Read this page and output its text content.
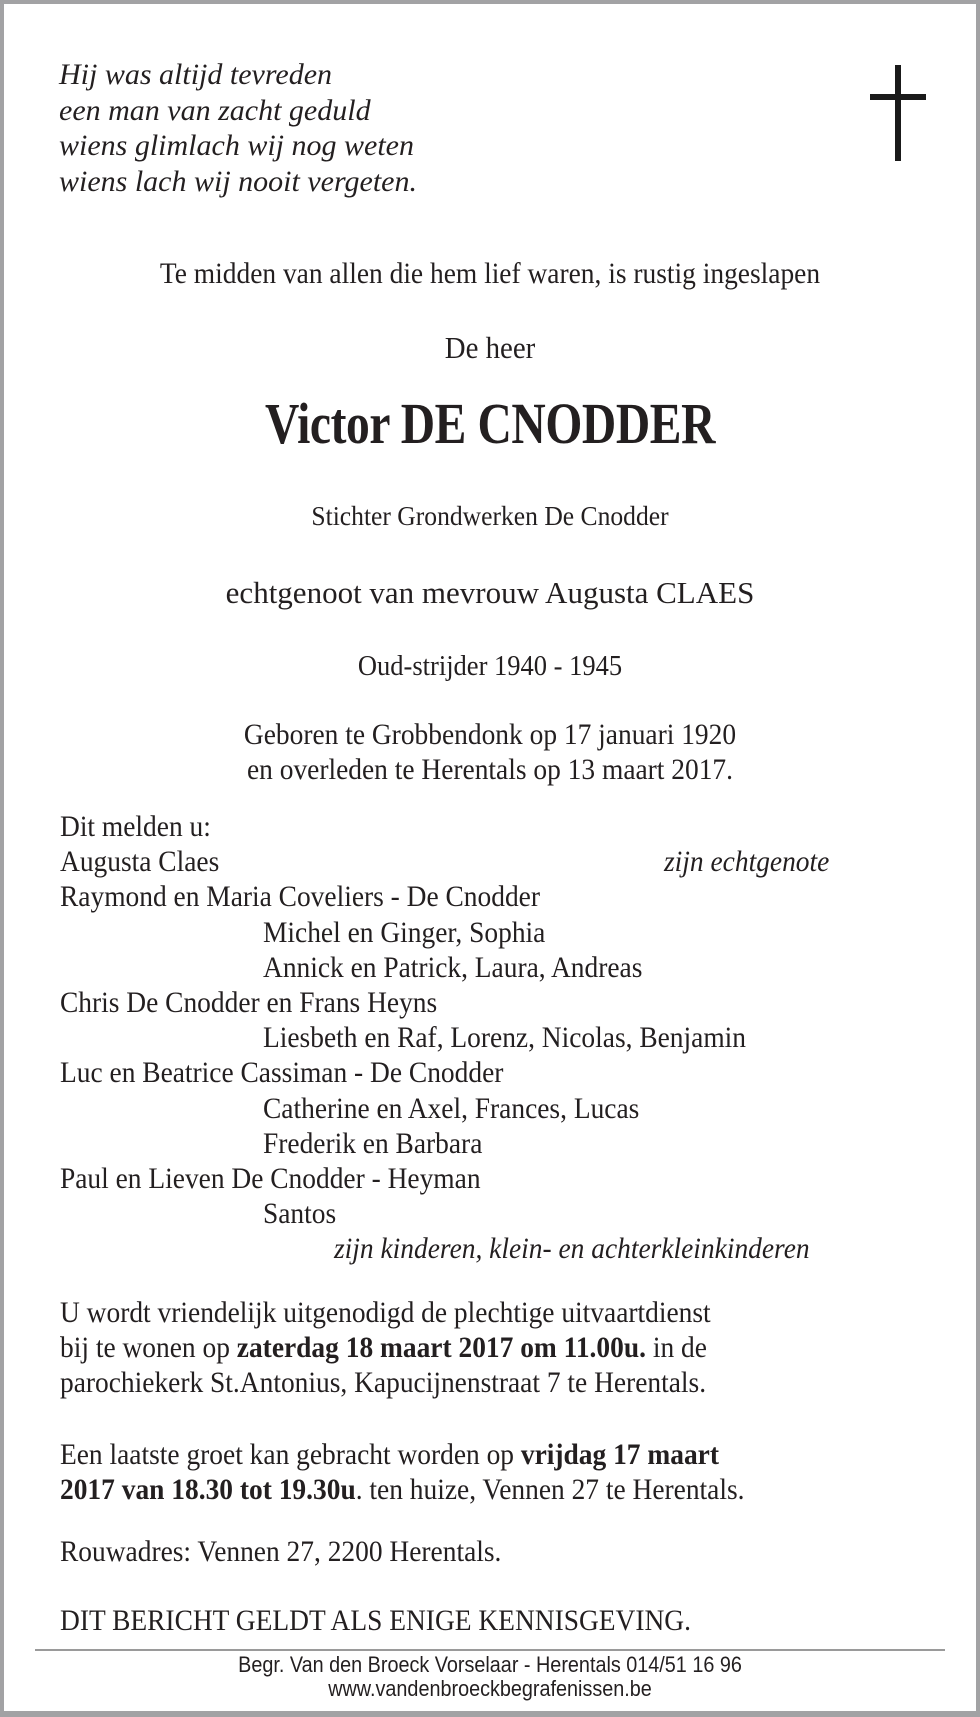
Hij was altijd tevreden
een man van zacht geduld
wiens glimlach wij nog weten
wiens lach wij nooit vergeten.
Te midden van allen die hem lief waren, is rustig ingeslapen
De heer
Victor DE CNODDER
Stichter Grondwerken De Cnodder
echtgenoot van mevrouw Augusta CLAES
Oud-strijder 1940 - 1945
Geboren te Grobbendonk op 17 januari 1920
en overleden te Herentals op 13 maart 2017.
Dit melden u:
Augusta Claes	zijn echtgenote
Raymond en Maria Coveliers - De Cnodder
Michel en Ginger, Sophia
Annick en Patrick, Laura, Andreas
Chris De Cnodder en Frans Heyns
Liesbeth en Raf, Lorenz, Nicolas, Benjamin
Luc en Beatrice Cassiman - De Cnodder
Catherine en Axel, Frances, Lucas
Frederik en Barbara
Paul en Lieven De Cnodder - Heyman
Santos
zijn kinderen, klein- en achterkleinkinderen
U wordt vriendelijk uitgenodigd de plechtige uitvaartdienst
bij te wonen op zaterdag 18 maart 2017 om 11.00u. in de
parochiekerk St.Antonius, Kapucijnenstraat 7 te Herentals.
Een laatste groet kan gebracht worden op vrijdag 17 maart
2017 van 18.30 tot 19.30u. ten huize, Vennen 27 te Herentals.
Rouwadres: Vennen 27, 2200 Herentals.
DIT BERICHT GELDT ALS ENIGE KENNISGEVING.
Begr. Van den Broeck Vorselaar - Herentals 014/51 16 96
www.vandenbroeckbegrafenissen.be
